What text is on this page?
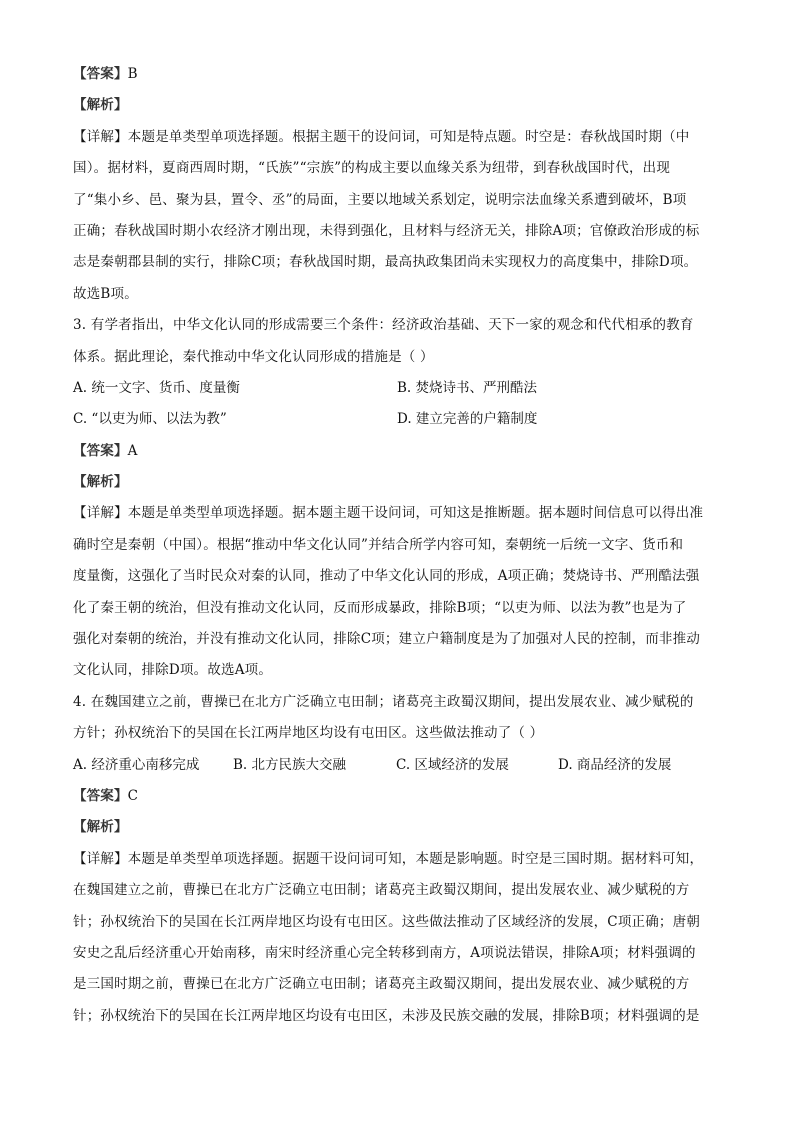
【答案】B
【解析】
【详解】本题是单类型单项选择题。根据主题干的设问词，可知是特点题。时空是：春秋战国时期（中
国）。据材料，夏商西周时期，“氏族”“宗族”的构成主要以血缘关系为纽带，到春秋战国时代，出现
了“集小乡、邑、聚为县，置令、丞”的局面，主要以地域关系划定，说明宗法血缘关系遭到破坏，B项
正确；春秋战国时期小农经济才刚出现，未得到强化，且材料与经济无关，排除A项；官僚政治形成的标
志是秦朝郡县制的实行，排除C项；春秋战国时期，最高执政集团尚未实现权力的高度集中，排除D项。
故选B项。
3. 有学者指出，中华文化认同的形成需要三个条件：经济政治基础、天下一家的观念和代代相承的教育
体系。据此理论，秦代推动中华文化认同形成的措施是（ ）
A. 统一文字、货币、度量衡	B. 焚烧诗书、严刑酷法
C. “以吏为师、以法为教”	D. 建立完善的户籍制度
【答案】A
【解析】
【详解】本题是单类型单项选择题。据本题主题干设问词，可知这是推断题。据本题时间信息可以得出准
确时空是秦朝（中国）。根据“推动中华文化认同”并结合所学内容可知，秦朝统一后统一文字、货币和
度量衡，这强化了当时民众对秦的认同，推动了中华文化认同的形成，A项正确；焚烧诗书、严刑酷法强
化了秦王朝的统治，但没有推动文化认同，反而形成暴政，排除B项；“以吏为师、以法为教”也是为了
强化对秦朝的统治，并没有推动文化认同，排除C项；建立户籍制度是为了加强对人民的控制，而非推动
文化认同，排除D项。故选A项。
4. 在魏国建立之前，曹操已在北方广泛确立屯田制；诸葛亮主政蜀汉期间，提出发展农业、减少赋税的
方针；孙权统治下的吴国在长江两岸地区均设有屯田区。这些做法推动了（ ）
A. 经济重心南移完成	B. 北方民族大交融	C. 区域经济的发展	D. 商品经济的发展
【答案】C
【解析】
【详解】本题是单类型单项选择题。据题干设问词可知，本题是影响题。时空是三国时期。据材料可知，
在魏国建立之前，曹操已在北方广泛确立屯田制；诸葛亮主政蜀汉期间，提出发展农业、减少赋税的方
针；孙权统治下的吴国在长江两岸地区均设有屯田区。这些做法推动了区域经济的发展，C项正确；唐朝
安史之乱后经济重心开始南移，南宋时经济重心完全转移到南方，A项说法错误，排除A项；材料强调的
是三国时期之前，曹操已在北方广泛确立屯田制；诸葛亮主政蜀汉期间，提出发展农业、减少赋税的方
针；孙权统治下的吴国在长江两岸地区均设有屯田区，未涉及民族交融的发展，排除B项；材料强调的是
